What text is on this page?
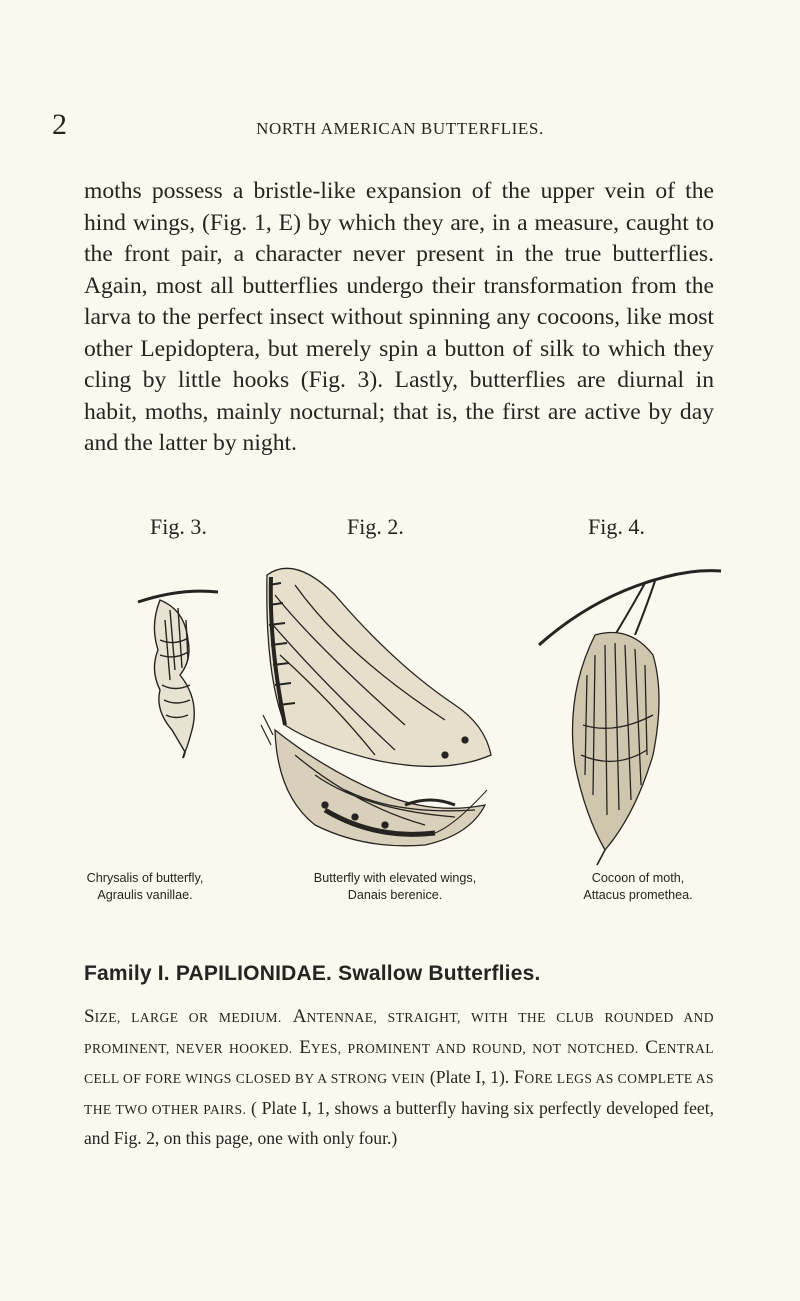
2	NORTH AMERICAN BUTTERFLIES.

moths possess a bristle-like expansion of the upper vein of the hind wings, (Fig. 1, E) by which they are, in a measure, caught to the front pair, a character never present in the true butterflies. Again, most all butterflies undergo their transformation from the larva to the perfect insect without spinning any cocoons, like most other Lepidoptera, but merely spin a button of silk to which they cling by little hooks (Fig. 3). Lastly, butterflies are diurnal in habit, moths, mainly nocturnal; that is, the first are active by day and the latter by night.

Fig. 3.	Fig. 2.	Fig. 4.
Chrysalis of butterfly,
Agraulis vanillae.
Butterfly with elevated wings,
Danais berenice.
Cocoon of moth,
Attacus promethea.
Family I. PAPILIONIDAE. Swallow Butterflies.

SIZE, LARGE OR MEDIUM. ANTENNAE, STRAIGHT, WITH THE CLUB ROUNDED AND PROMINENT, NEVER HOOKED. EYES, PROMINENT AND ROUND, NOT NOTCHED. CENTRAL CELL OF FORE WINGS CLOSED BY A STRONG VEIN (Plate I, 1). FORE LEGS AS COMPLETE AS THE TWO OTHER PAIRS. ( Plate I, 1, shows a butterfly having six perfectly developed feet, and Fig. 2, on this page, one with only four.)
